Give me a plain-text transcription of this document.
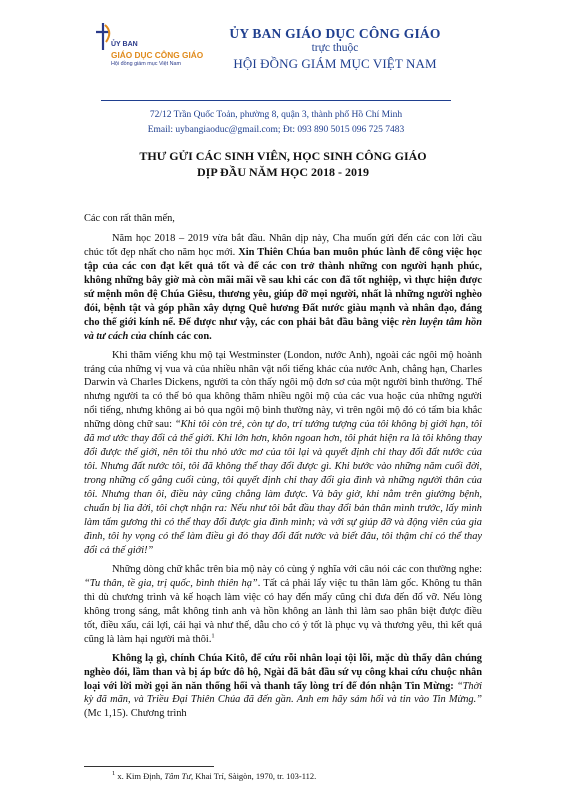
ỦY BAN
GIÁO DỤC CÔNG GIÁO
Hội đồng giám mục Việt Nam
ỦY BAN GIÁO DỤC CÔNG GIÁO
trực thuộc
HỘI ĐỒNG GIÁM MỤC VIỆT NAM
72/12 Trần Quốc Toản, phường 8, quận 3, thành phố Hồ Chí Minh
Email: uybangiaoduc@gmail.com; Đt: 093 890 5015 096 725 7483
THƯ GỬI CÁC SINH VIÊN, HỌC SINH CÔNG GIÁO
DỊP ĐẦU NĂM HỌC 2018 - 2019

Các con rất thân mến,

Năm học 2018 – 2019 vừa bắt đầu. Nhân dịp này, Cha muốn gửi đến các con lời cầu chúc tốt đẹp nhất cho năm học mới. Xin Thiên Chúa ban muôn phúc lành để công việc học tập của các con đạt kết quả tốt và để các con trở thành những con người hạnh phúc, không những bây giờ mà còn mãi mãi về sau khi các con đã tốt nghiệp, vì thực hiện được sứ mệnh môn đệ Chúa Giêsu, thương yêu, giúp đỡ mọi người, nhất là những người nghèo đói, bệnh tật và góp phần xây dựng Quê hương Đất nước giàu mạnh và nhân đạo, đáng cho thế giới kính nể. Để được như vậy, các con phải bắt đầu bằng việc rèn luyện tâm hồn và tư cách của chính các con.

Khi thăm viếng khu mộ tại Westminster (London, nước Anh), ngoài các ngôi mộ hoành tráng của những vị vua và của nhiều nhân vật nổi tiếng khác của nước Anh, chẳng hạn, Charles Darwin và Charles Dickens, người ta còn thấy ngôi mộ đơn sơ của một người bình thường. Thế nhưng người ta có thể bỏ qua không thăm nhiều ngôi mộ của các vua hoặc của những người nổi tiếng, nhưng không ai bỏ qua ngôi mộ bình thường này, vì trên ngôi mộ đó có tấm bia khắc những dòng chữ sau: “Khi tôi còn trẻ, còn tự do, trí tưởng tượng của tôi không bị giới hạn, tôi đã mơ ước thay đổi cả thế giới. Khi lớn hơn, khôn ngoan hơn, tôi phát hiện ra là tôi không thay đổi được thế giới, nên tôi thu nhỏ ước mơ của tôi lại và quyết định chỉ thay đổi đất nước của tôi. Nhưng đất nước tôi, tôi đã không thể thay đổi được gì. Khi bước vào những năm cuối đời, trong những cố gắng cuối cùng, tôi quyết định chỉ thay đổi gia đình và những người thân của tôi. Nhưng than ôi, điều này cũng chẳng làm được. Và bây giờ, khi nằm trên giường bệnh, chuẩn bị lìa đời, tôi chợt nhận ra: Nếu như tôi bắt đầu thay đổi bản thân mình trước, lấy mình làm tấm gương thì có thể thay đổi được gia đình mình; và với sự giúp đỡ và động viên của gia đình, tôi hy vọng có thể làm điều gì đó thay đổi đất nước và biết đâu, tôi thậm chí có thể thay đổi cả thế giới!”

Những dòng chữ khắc trên bia mộ này có cùng ý nghĩa với câu nói các con thường nghe: “Tu thân, tề gia, trị quốc, bình thiên hạ”. Tất cả phải lấy việc tu thân làm gốc. Không tu thân thì dù chương trình và kế hoạch làm việc có hay đến mấy cũng chỉ đưa đến đổ vỡ. Nếu lòng không trong sáng, mắt không tinh anh và hồn không an lành thì làm sao phân biệt được điều tốt, điều xấu, cái lợi, cái hại và như thế, dẫu cho có ý tốt là phục vụ và thương yêu, thì kết quả cũng là làm hại người mà thôi.$^1$

Không lạ gì, chính Chúa Kitô, để cứu rỗi nhân loại tội lỗi, mặc dù thấy dân chúng nghèo đói, lầm than và bị áp bức đô hộ, Ngài đã bắt đầu sứ vụ công khai cứu chuộc nhân loại với lời mời gọi ăn năn thống hối và thanh tẩy lòng trí để đón nhận Tin Mừng: “Thời kỳ đã mãn, và Triều Đại Thiên Chúa đã đến gần. Anh em hãy sám hối và tin vào Tin Mừng.” (Mc 1,15). Chương trình

$^1$ x. Kim Định, Tâm Tư, Khai Trí, Sàigòn, 1970, tr. 103-112.
